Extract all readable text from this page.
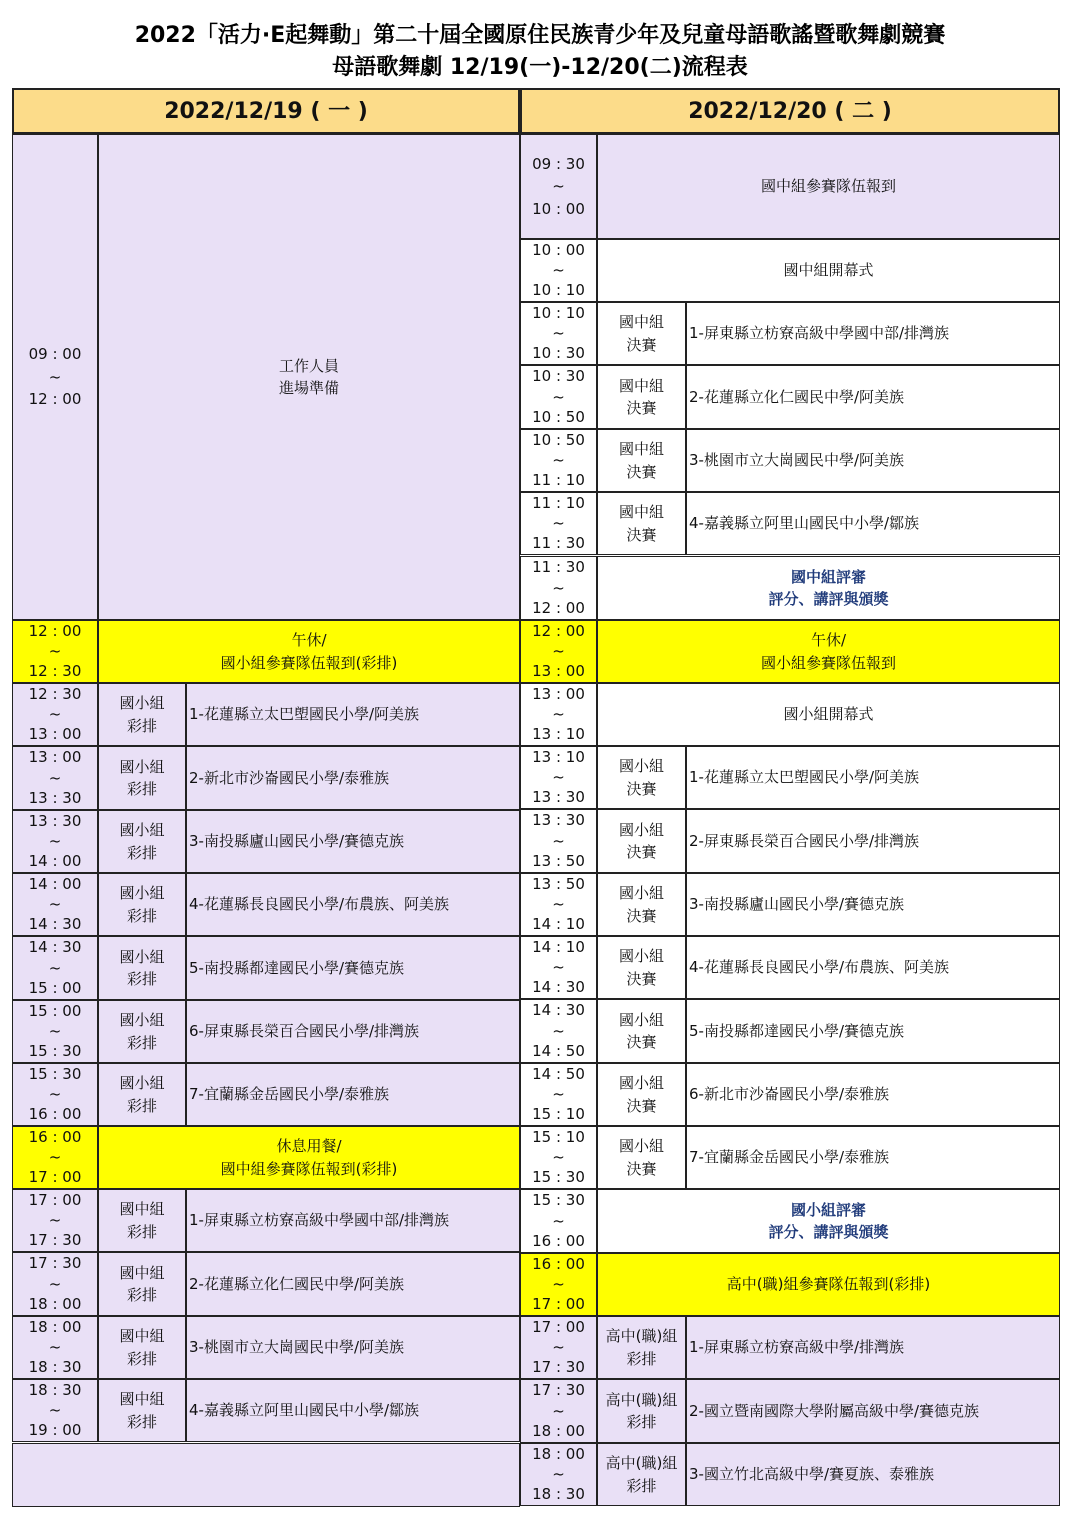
2022「活力·E起舞動」第二十屆全國原住民族青少年及兒童母語歌謠暨歌舞劇競賽
母語歌舞劇 12/19(一)-12/20(二)流程表
2022/12/19 ( 一 )	2022/12/20 ( 二 )
09 : 00
~
12 : 00
工作人員
進場準備
12 : 00
~
12 : 30
午休/
國小組參賽隊伍報到(彩排)
12 : 30
~
13 : 00
國小組
彩排
1-花蓮縣立太巴塱國民小學/阿美族
13 : 00
~
13 : 30
國小組
彩排
2-新北市沙崙國民小學/泰雅族
13 : 30
~
14 : 00
國小組
彩排
3-南投縣廬山國民小學/賽德克族
14 : 00
~
14 : 30
國小組
彩排
4-花蓮縣長良國民小學/布農族、阿美族
14 : 30
~
15 : 00
國小組
彩排
5-南投縣都達國民小學/賽德克族
15 : 00
~
15 : 30
國小組
彩排
6-屏東縣長榮百合國民小學/排灣族
15 : 30
~
16 : 00
國小組
彩排
7-宜蘭縣金岳國民小學/泰雅族
16 : 00
~
17 : 00
休息用餐/
國中組參賽隊伍報到(彩排)
17 : 00
~
17 : 30
國中組
彩排
1-屏東縣立枋寮高級中學國中部/排灣族
17 : 30
~
18 : 00
國中組
彩排
2-花蓮縣立化仁國民中學/阿美族
18 : 00
~
18 : 30
國中組
彩排
3-桃園市立大崗國民中學/阿美族
18 : 30
~
19 : 00
國中組
彩排
4-嘉義縣立阿里山國民中小學/鄒族
09 : 30
~
10 : 00
國中組參賽隊伍報到
10 : 00
~
10 : 10
國中組開幕式
10 : 10
~
10 : 30
國中組
決賽
1-屏東縣立枋寮高級中學國中部/排灣族
10 : 30
~
10 : 50
國中組
決賽
2-花蓮縣立化仁國民中學/阿美族
10 : 50
~
11 : 10
國中組
決賽
3-桃園市立大崗國民中學/阿美族
11 : 10
~
11 : 30
國中組
決賽
4-嘉義縣立阿里山國民中小學/鄒族
11 : 30
~
12 : 00
國中組評審
評分、講評與頒獎
12 : 00
~
13 : 00
午休/
國小組參賽隊伍報到
13 : 00
~
13 : 10
國小組開幕式
13 : 10
~
13 : 30
國小組
決賽
1-花蓮縣立太巴塱國民小學/阿美族
13 : 30
~
13 : 50
國小組
決賽
2-屏東縣長榮百合國民小學/排灣族
13 : 50
~
14 : 10
國小組
決賽
3-南投縣廬山國民小學/賽德克族
14 : 10
~
14 : 30
國小組
決賽
4-花蓮縣長良國民小學/布農族、阿美族
14 : 30
~
14 : 50
國小組
決賽
5-南投縣都達國民小學/賽德克族
14 : 50
~
15 : 10
國小組
決賽
6-新北市沙崙國民小學/泰雅族
15 : 10
~
15 : 30
國小組
決賽
7-宜蘭縣金岳國民小學/泰雅族
15 : 30
~
16 : 00
國小組評審
評分、講評與頒獎
16 : 00
~
17 : 00
高中(職)組參賽隊伍報到(彩排)
17 : 00
~
17 : 30
高中(職)組
彩排
1-屏東縣立枋寮高級中學/排灣族
17 : 30
~
18 : 00
高中(職)組
彩排
2-國立暨南國際大學附屬高級中學/賽德克族
18 : 00
~
18 : 30
高中(職)組
彩排
3-國立竹北高級中學/賽夏族、泰雅族
